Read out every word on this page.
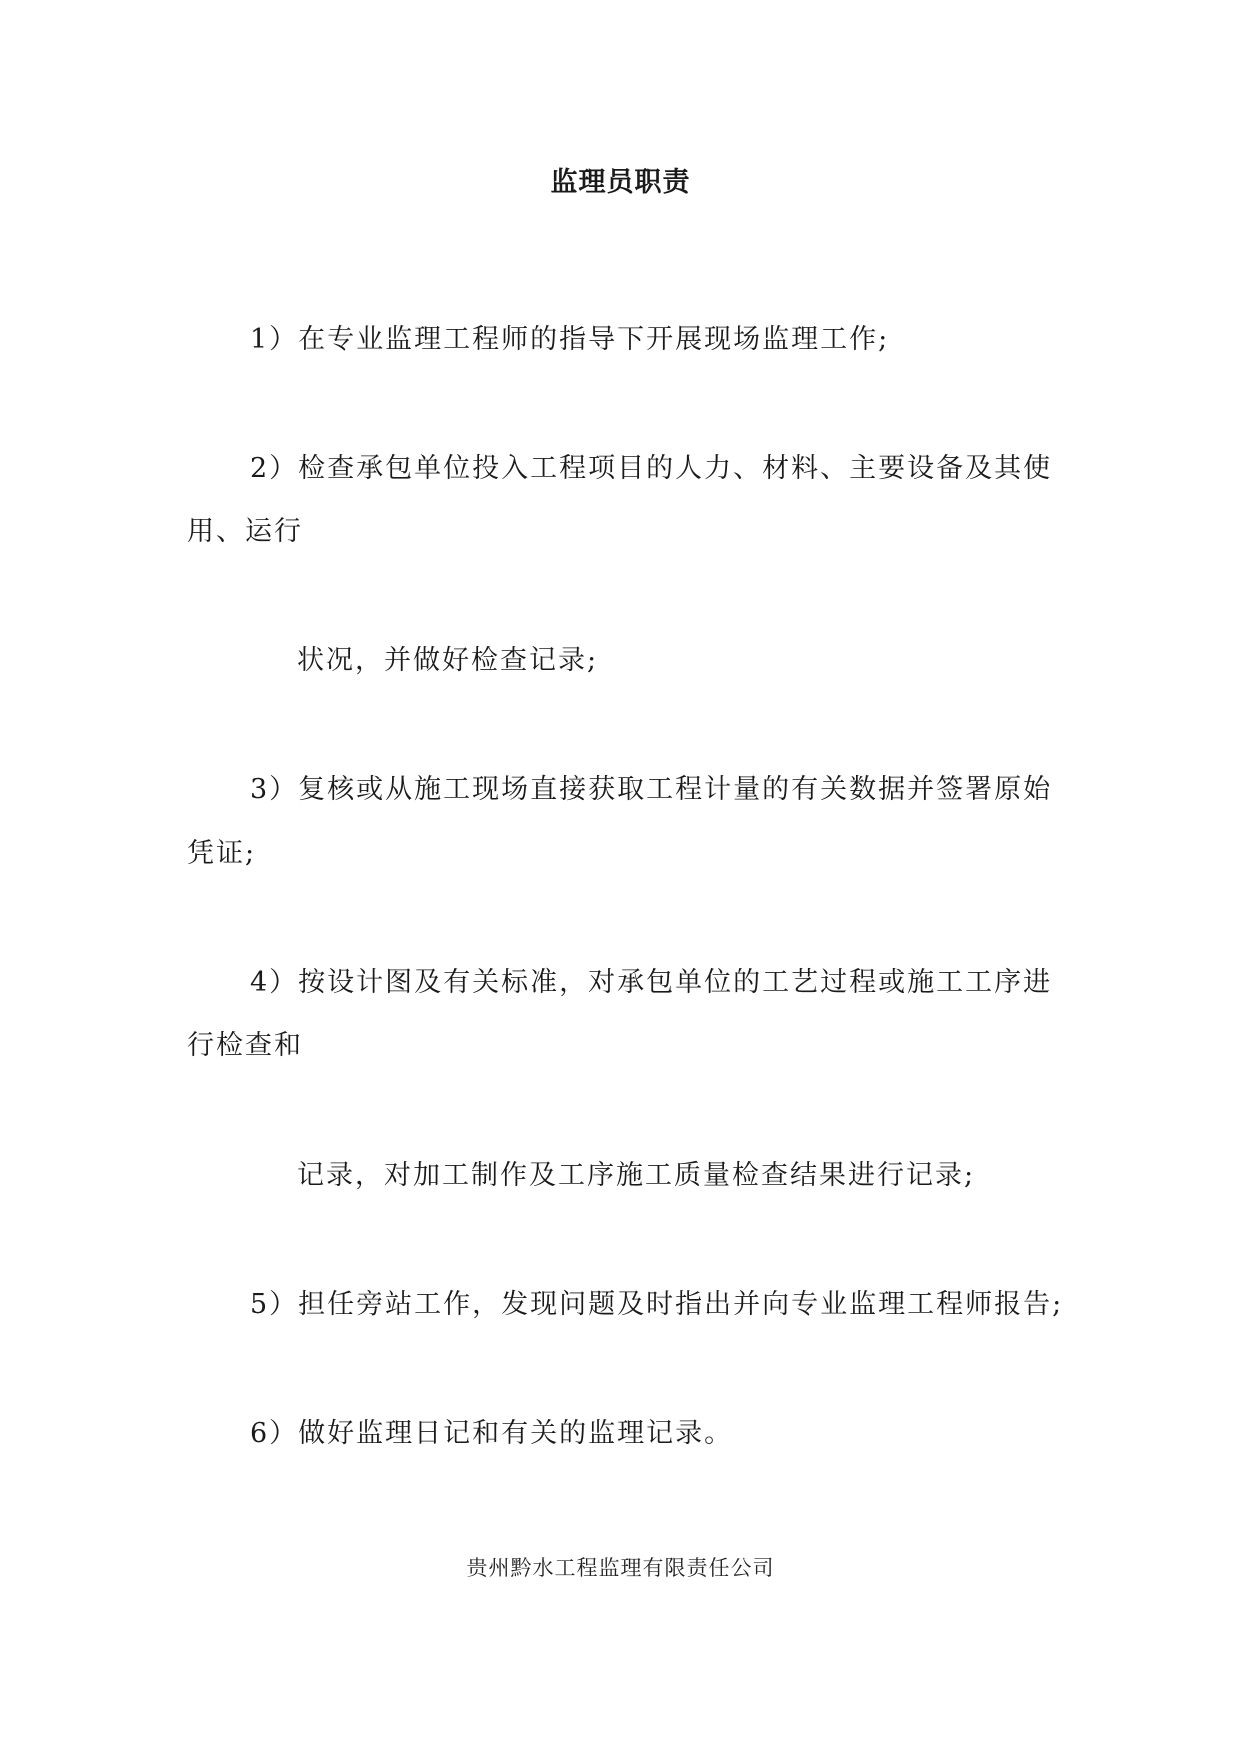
监理员职责
1）在专业监理工程师的指导下开展现场监理工作;
2）检查承包单位投入工程项目的人力、材料、主要设备及其使
用、运行
状况，并做好检查记录;
3）复核或从施工现场直接获取工程计量的有关数据并签署原始
凭证;
4）按设计图及有关标准，对承包单位的工艺过程或施工工序进
行检查和
记录，对加工制作及工序施工质量检查结果进行记录;
5）担任旁站工作，发现问题及时指出并向专业监理工程师报告;
6）做好监理日记和有关的监理记录。
贵州黔水工程监理有限责任公司
